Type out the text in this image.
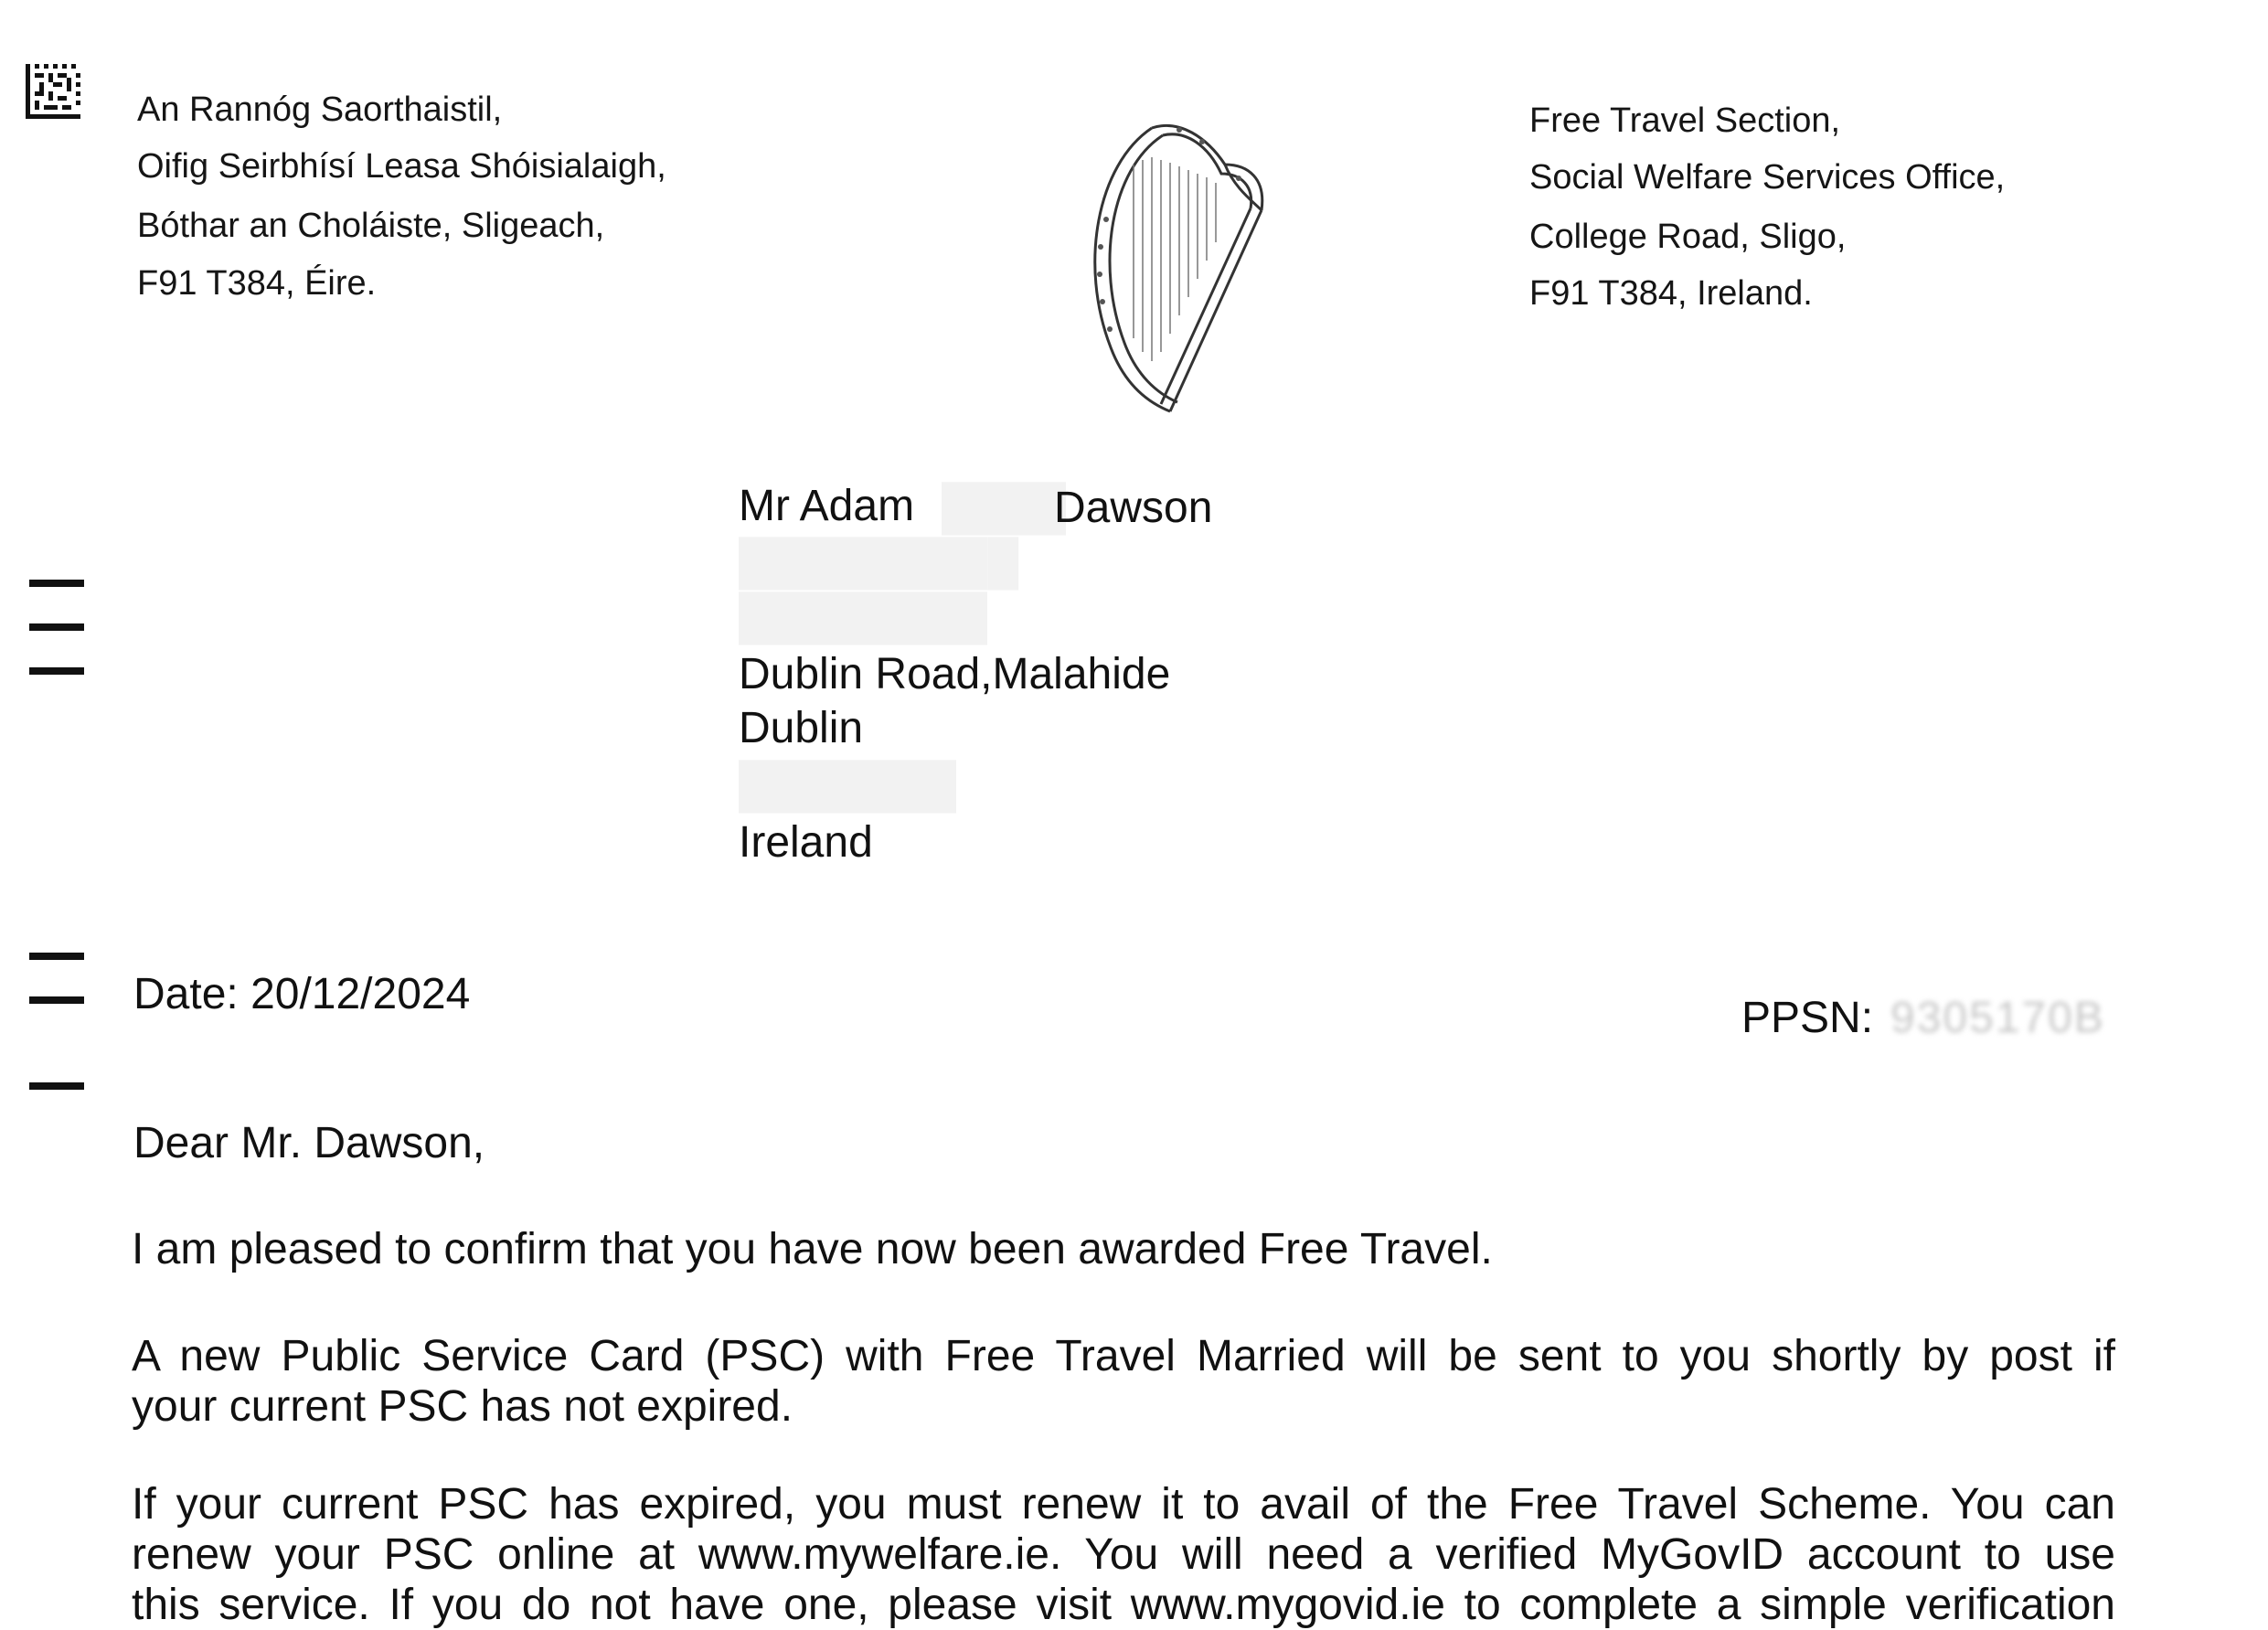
An Rannóg Saorthaistil,
Oifig Seirbhísí Leasa Shóisialaigh,
Bóthar an Choláiste, Sligeach,
F91 T384, Éire.
Free Travel Section,
Social Welfare Services Office,
College Road, Sligo,
F91 T384, Ireland.
Mr Adam ████
Dawson
█████████
████████
Dublin Road,Malahide
Dublin
███████
Ireland
Date: 20/12/2024	PPSN: 9305170B
Dear Mr. Dawson,
I am pleased to confirm that you have now been awarded Free Travel.
A new Public Service Card (PSC) with Free Travel Married will be sent to you shortly by post if
your current PSC has not expired.
If your current PSC has expired, you must renew it to avail of the Free Travel Scheme. You can
renew your PSC online at www.mywelfare.ie. You will need a verified MyGovID account to use
this service. If you do not have one, please visit www.mygovid.ie to complete a simple verification
